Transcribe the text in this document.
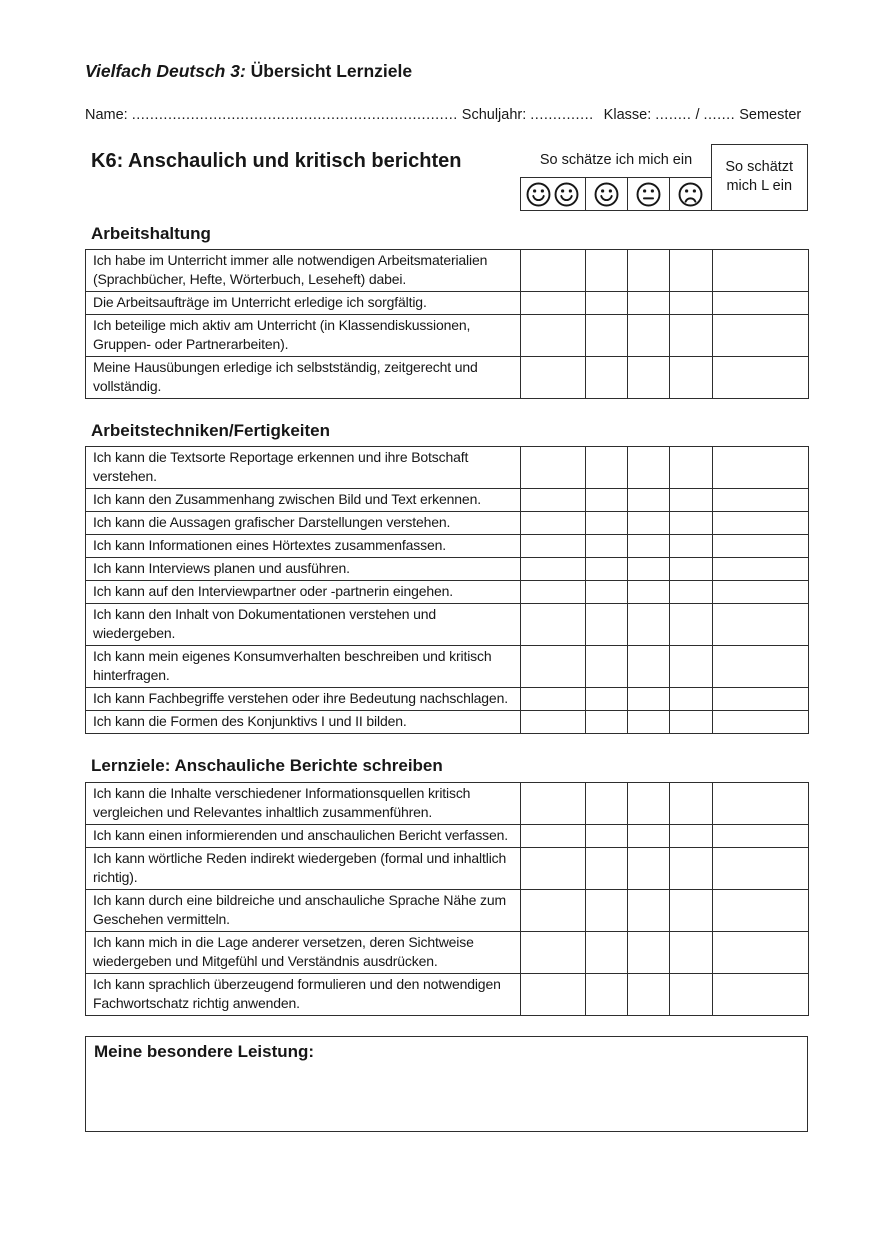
Vielfach Deutsch 3: Übersicht Lernziele
Name: ........................................................................ Schuljahr: .............. Klasse: ........ / ....... Semester
K6: Anschaulich und kritisch berichten	So schätze ich mich ein	So schätzt
mich L ein
Arbeitshaltung
Ich habe im Unterricht immer alle notwendigen Arbeitsmaterialien (Sprachbücher, Hefte, Wörterbuch, Leseheft) dabei.					
Die Arbeitsaufträge im Unterricht erledige ich sorgfältig.					
Ich beteilige mich aktiv am Unterricht (in Klassendiskussionen, Gruppen- oder Partnerarbeiten).					
Meine Hausübungen erledige ich selbstständig, zeitgerecht und vollständig.					
Arbeitstechniken/Fertigkeiten
Ich kann die Textsorte Reportage erkennen und ihre Botschaft verstehen.					
Ich kann den Zusammenhang zwischen Bild und Text erkennen.					
Ich kann die Aussagen grafischer Darstellungen verstehen.					
Ich kann Informationen eines Hörtextes zusammenfassen.					
Ich kann Interviews planen und ausführen.					
Ich kann auf den Interviewpartner oder -partnerin eingehen.					
Ich kann den Inhalt von Dokumentationen verstehen und wiedergeben.					
Ich kann mein eigenes Konsumverhalten beschreiben und kritisch hinterfragen.					
Ich kann Fachbegriffe verstehen oder ihre Bedeutung nachschlagen.					
Ich kann die Formen des Konjunktivs I und II bilden.					
Lernziele: Anschauliche Berichte schreiben
Ich kann die Inhalte verschiedener Informationsquellen kritisch vergleichen und Relevantes inhaltlich zusammenführen.					
Ich kann einen informierenden und anschaulichen Bericht verfassen.					
Ich kann wörtliche Reden indirekt wiedergeben (formal und inhaltlich richtig).					
Ich kann durch eine bildreiche und anschauliche Sprache Nähe zum Geschehen vermitteln.					
Ich kann mich in die Lage anderer versetzen, deren Sichtweise wiedergeben und Mitgefühl und Verständnis ausdrücken.					
Ich kann sprachlich überzeugend formulieren und den notwendigen Fachwortschatz richtig anwenden.					
Meine besondere Leistung:
